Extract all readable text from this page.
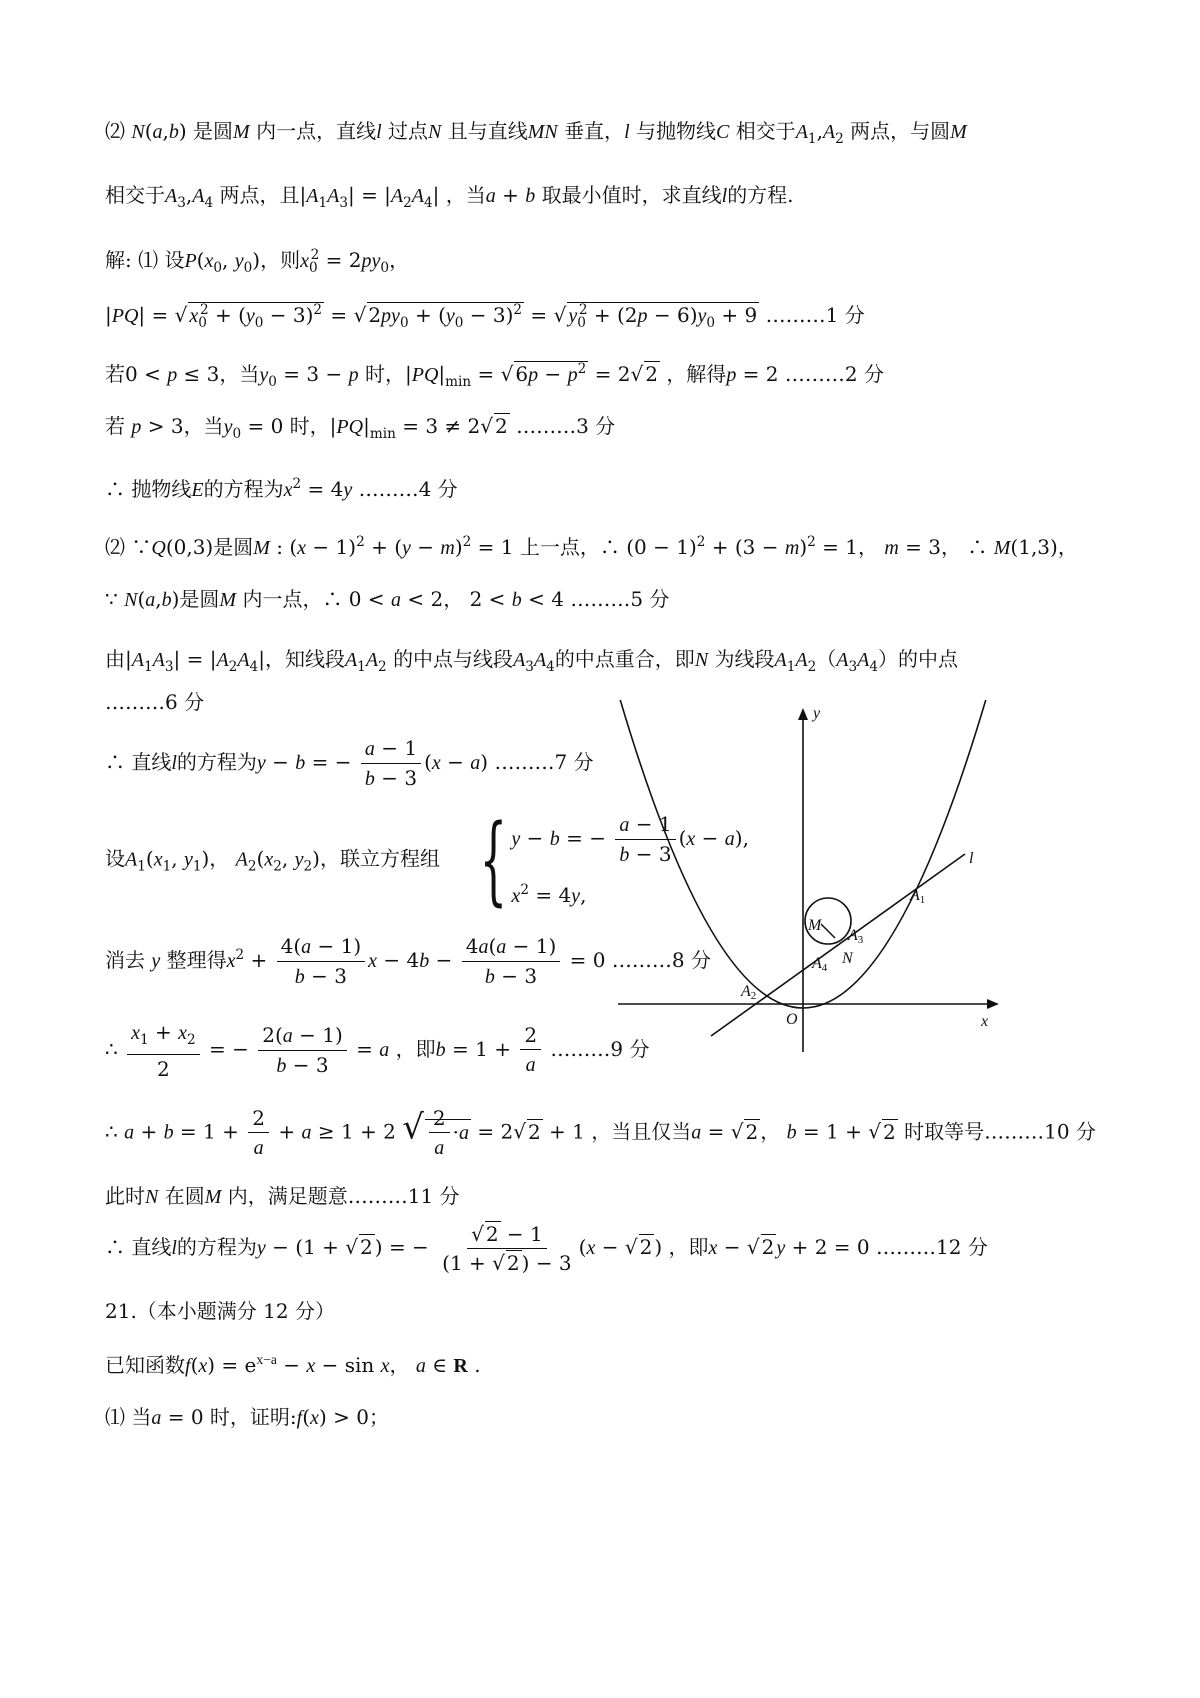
⑵ N(a,b) 是圆M 内一点，直线l 过点N 且与直线MN 垂直，l 与抛物线C 相交于$A_1,A_2$ 两点，与圆M
相交于$A_3,A_4$ 两点，且$|A_1A_3| = |A_2A_4|$ ，当a + b 取最小值时，求直线l的方程.
解: ⑴ 设$P(x_0$, $y_0$)，则$x_0^2 = 2py_0$，
|PQ| = √ $x_0^2 + (y_0 - 3)^2$ = √ $2py_0 + (y_0 - 3)^2$ = √ $y_0^2 + (2p - 6)y_0 + 9$ ………1 分
若0 < p ≤ 3，当$y_0 = 3 - p$ 时，$|PQ|_{min}$ = √ $6p - p^2 = 2√$ 2 ，解得p = 2 ………2 分
若 p > 3，当$y_0 = 0$ 时，$|PQ|_{min} = 3 \ne 2√$ 2 ………3 分
∴ 抛物线E的方程为$x^2 = 4y$ ………4 分
⑵ ∵Q(0,3)是圆M : $(x - 1)^2 + (y - m)^2 = 1$ 上一点，∴ $(0 - 1)^2 + (3 - m)^2 = 1$， m = 3， ∴ M(1,3)，
∵ N(a,b)是圆M 内一点，∴ 0 < a < 2， 2 < b < 4 ………5 分
由$|A_1A_3| = |A_2A_4|$，知线段$A_1A_2$ 的中点与线段$A_3A_4$的中点重合，即N 为线段$A_1A_2(A_3A_4)$的中点
………6 分
∴ 直线l的方程为y − b = − $\frac{a - 1}{b - 3} (x - a)$ ………7 分
设$A_1(x_1$, $y_1$)， $A_2(x_2$, $y_2$)，联立方程组 { y − b = − $\frac{a - 1}{b - 3} (x - a)$,
$x^2 = 4y$,
消去 y 整理得$x^2 + \frac{4(a - 1)}{b - 3}$ $x - 4b - \frac{4a(a - 1)}{b - 3} = 0$ ………8 分
∴ $\frac{x_1 + x_2}{2}$ = − $\frac{2(a - 1)}{b - 3} = a$ ，即$b = 1 + \frac{2}{a}$ ………9 分
∴ $a + b = 1 + \frac{2}{a} + a \ge 1 + 2$ √ $\frac{2}{a} \cdot a = 2√$ 2 + 1 ，当且仅当a = √ 2 ， b = 1 + √ 2 时取等号………10 分
此时N 在圆M 内，满足题意………11 分
∴ 直线l的方程为y − (1 + √ 2 ) = − $\frac{√ 2 - 1}{(1 + √ 2 ) - 3} (x$ − √ 2 ) ，即x − √ 2 y + 2 = 0 ………12 分
21.（本小题满分 12 分）
已知函数$f(x) = e^{x-a} - x - \sin x$， a ∈ R .
⑴ 当a = 0 时，证明:f(x) > 0；
y
x
O
l
M
N
A1
A2
A3
A4
